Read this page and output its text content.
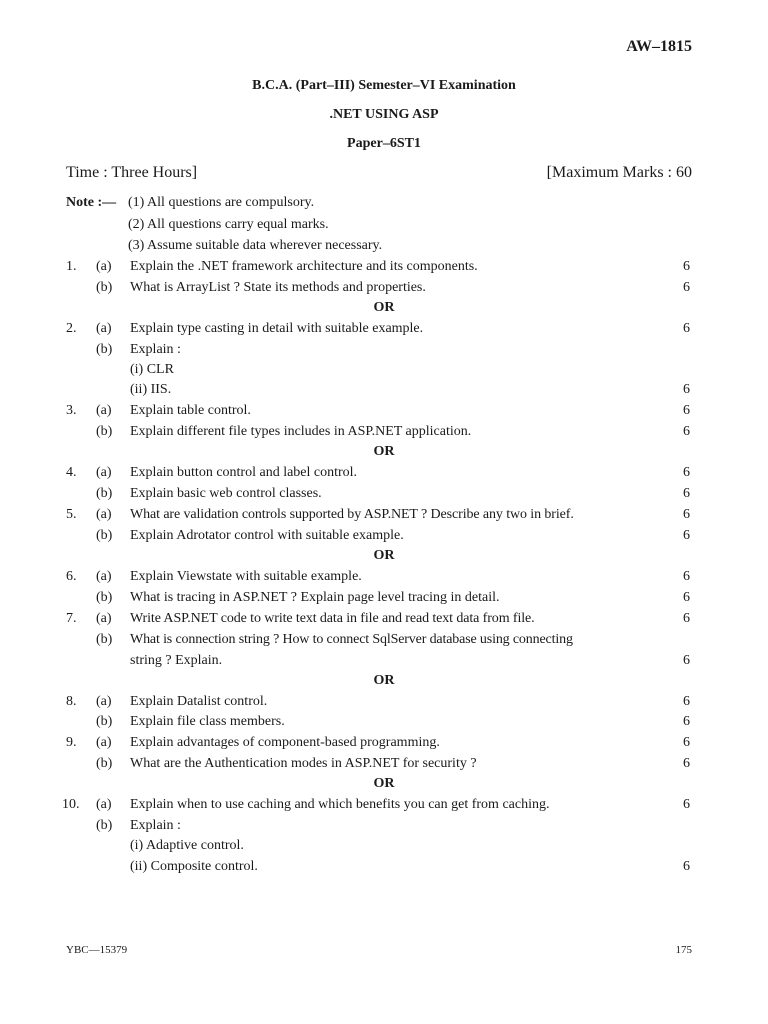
AW–1815
B.C.A. (Part–III) Semester–VI Examination
.NET USING ASP
Paper–6ST1
Time : Three Hours]	[Maximum Marks : 60
Note :— (1) All questions are compulsory.
(2) All questions carry equal marks.
(3) Assume suitable data wherever necessary.
1. (a) Explain the .NET framework architecture and its components.	6
(b) What is ArrayList ? State its methods and properties.	6
OR
2. (a) Explain type casting in detail with suitable example.	6
(b) Explain :
(i) CLR
(ii) IIS.	6
3. (a) Explain table control.	6
(b) Explain different file types includes in ASP.NET application.	6
OR
4. (a) Explain button control and label control.	6
(b) Explain basic web control classes.	6
5. (a) What are validation controls supported by ASP.NET ? Describe any two in brief.	6
(b) Explain Adrotator control with suitable example.	6
OR
6. (a) Explain Viewstate with suitable example.	6
(b) What is tracing in ASP.NET ? Explain page level tracing in detail.	6
7. (a) Write ASP.NET code to write text data in file and read text data from file.	6
(b) What is connection string ? How to connect SqlServer database using connecting
string ? Explain.	6
OR
8. (a) Explain Datalist control.	6
(b) Explain file class members.	6
9. (a) Explain advantages of component-based programming.	6
(b) What are the Authentication modes in ASP.NET for security ?	6
OR
10. (a) Explain when to use caching and which benefits you can get from caching.	6
(b) Explain :
(i) Adaptive control.
(ii) Composite control.	6
YBC—15379	175
